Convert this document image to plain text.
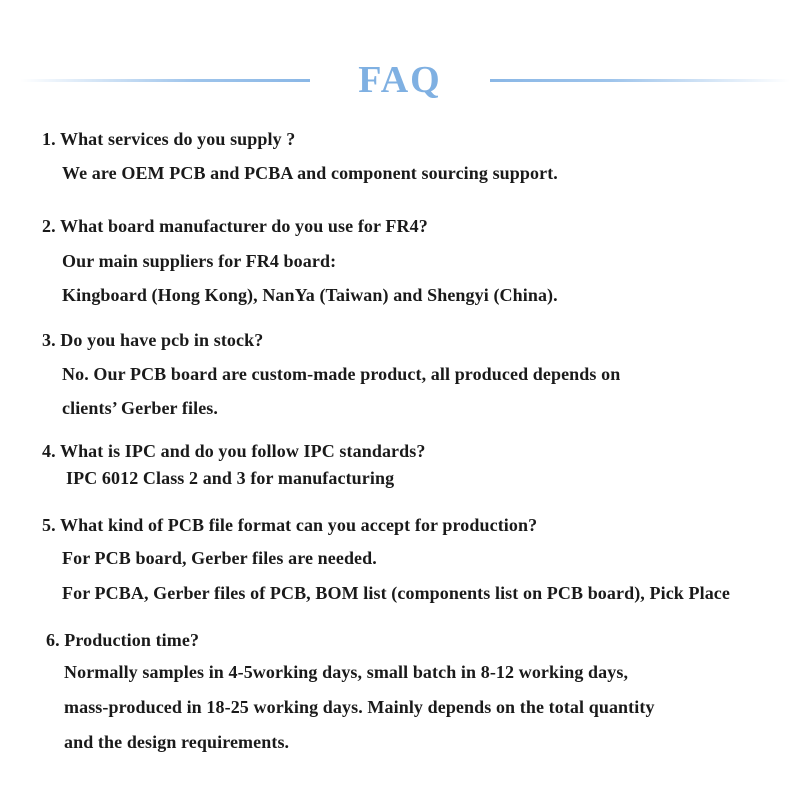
FAQ
1. What services do you supply ?
We are OEM PCB and PCBA and component sourcing support.
2. What board manufacturer do you use for FR4?
Our main suppliers for FR4 board:
Kingboard (Hong Kong), NanYa (Taiwan) and Shengyi (China).
3. Do you have pcb in stock?
No. Our PCB board are custom-made product, all produced depends on
clients’ Gerber files.
4. What is IPC and do you follow IPC standards?
IPC 6012 Class 2 and 3 for manufacturing
5. What kind of PCB file format can you accept for production?
For PCB board, Gerber files are needed.
For PCBA, Gerber files of PCB, BOM list (components list on PCB board), Pick Place
6. Production time?
Normally samples in 4-5working days, small batch in 8-12 working days,
mass-produced in 18-25 working days. Mainly depends on the total quantity
and the design requirements.
